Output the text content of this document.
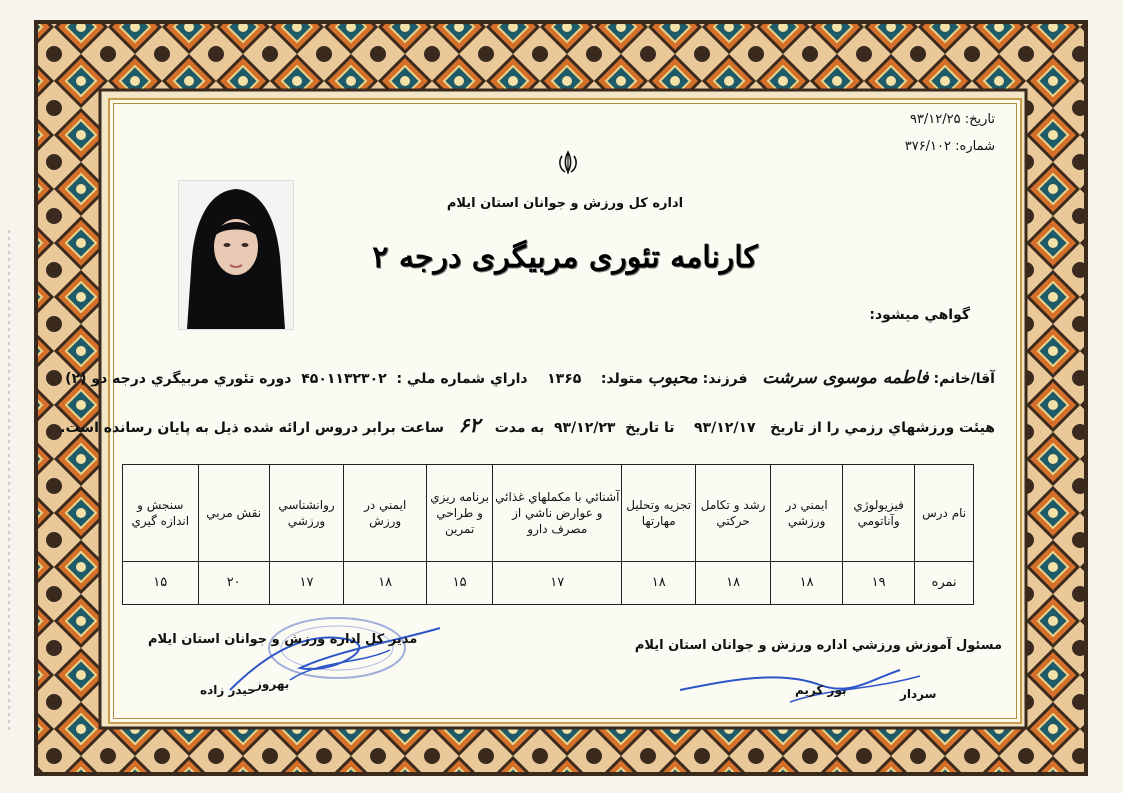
تاريخ: ۹۳/۱۲/۲۵
شماره: ۳۷۶/۱۰۲
اداره كل ورزش و جوانان استان ايلام
كارنامه تئوری مربيگری درجه ۲
گواهي ميشود:
آقا/خانم: فاطمه موسوی سرشت   فرزند: محبوب متولد:    ۱۳۶۵    داراي شماره ملي :  ۴۵۰۱۱۳۲۳۰۲  دوره تئوري مربيگري درجه دو (۲)
هيئت ورزشهاي رزمي را از تاريخ   ۹۳/۱۲/۱۷    تا تاريخ  ۹۳/۱۲/۲۳  به مدت   ۶۲   ساعت برابر دروس ارائه شده ذيل به پايان رسانده است.
نام درس	فيزيولوژي وآناتومي	ايمني در ورزشي	رشد و تكامل حركتي	تجزيه وتحليل مهارتها	آشنائي با مكملهاي غذائي و عوارض ناشي از مصرف دارو	برنامه ريزي و طراحي تمرين	ايمني در ورزش	روانشناسي ورزشي	نقش مربي	سنجش و اندازه گيري
نمره	۱۹	۱۸	۱۸	۱۸	۱۷	۱۵	۱۸	۱۷	۲۰	۱۵
مدير كل اداره ورزش و جوانان استان ايلام	مسئول آموزش ورزشي اداره ورزش و جوانان استان ايلام
بهروز
حيدر زاده	بور كريم	سردار
